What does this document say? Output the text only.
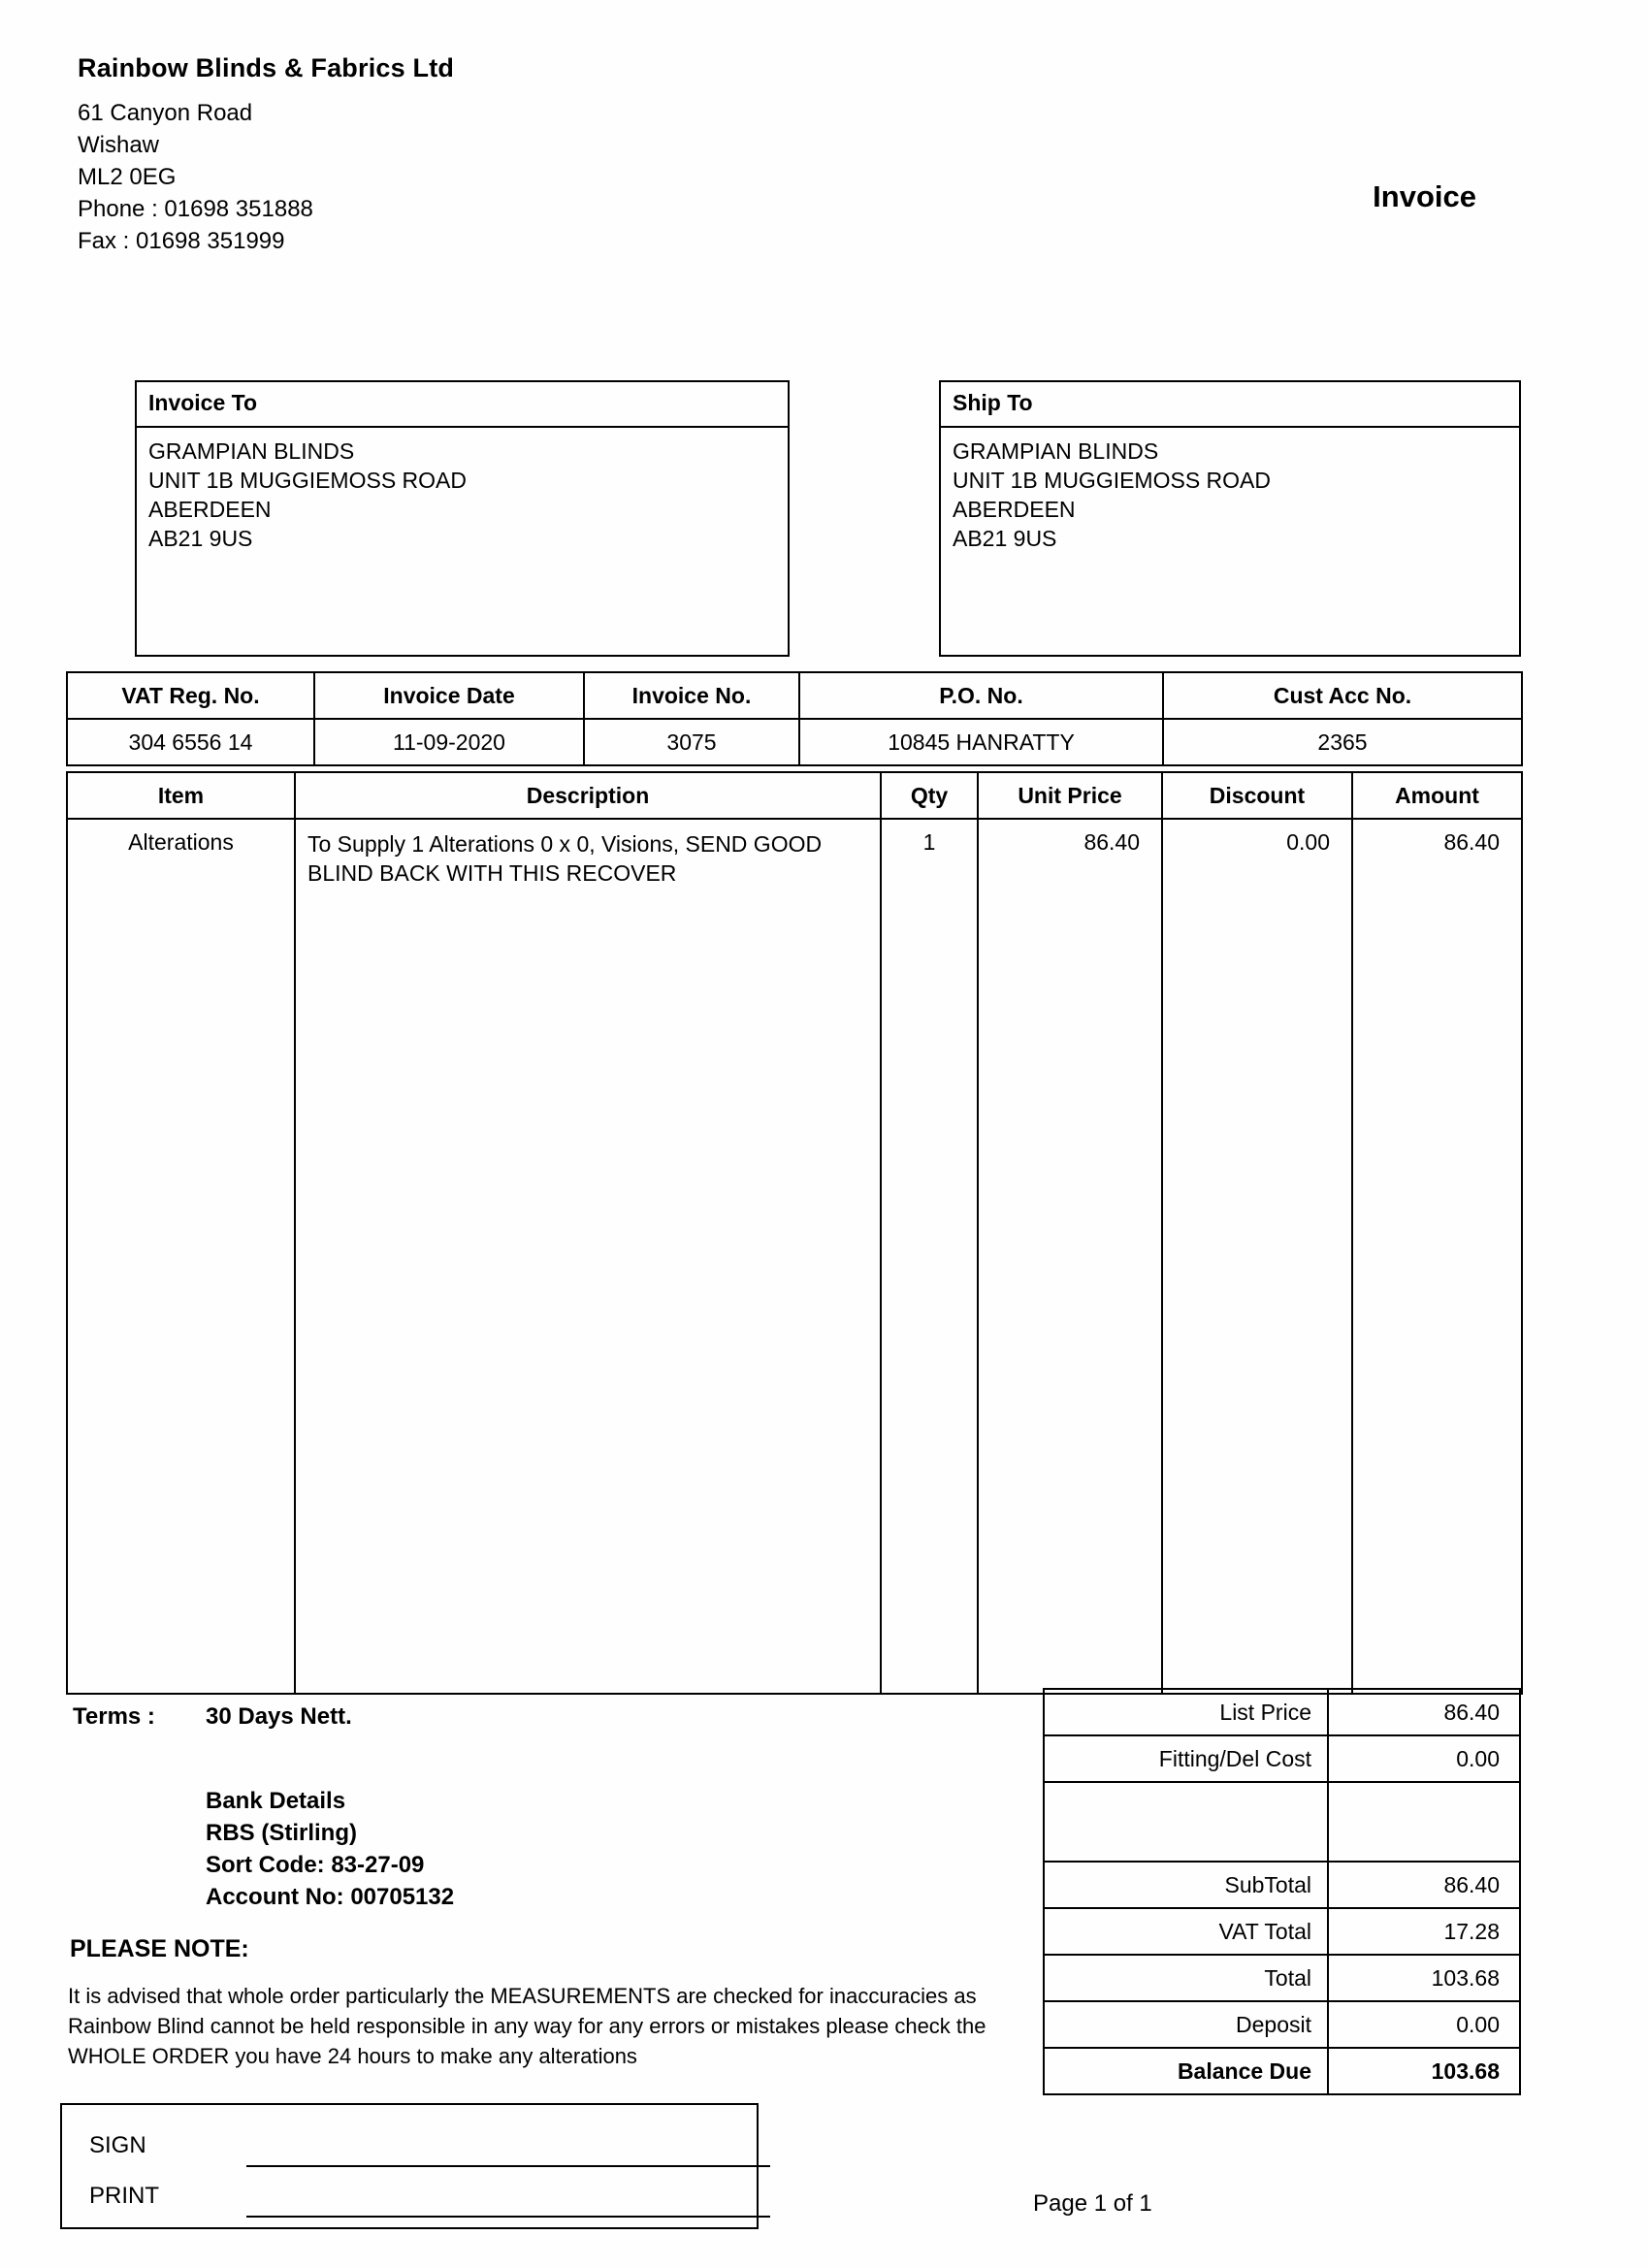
Rainbow Blinds & Fabrics Ltd
61 Canyon Road
Wishaw
ML2 0EG
Phone : 01698 351888
Fax : 01698 351999
Invoice
Invoice To
GRAMPIAN BLINDS
UNIT 1B MUGGIEMOSS ROAD
ABERDEEN
AB21 9US
Ship To
GRAMPIAN BLINDS
UNIT 1B MUGGIEMOSS ROAD
ABERDEEN
AB21 9US
VAT Reg. No.	Invoice Date	Invoice No.	P.O. No.	Cust Acc No.
304 6556 14	11-09-2020	3075	10845 HANRATTY	2365
Item	Description	Qty	Unit Price	Discount	Amount
Alterations	To Supply 1 Alterations 0 x 0, Visions, SEND GOOD BLIND BACK WITH THIS RECOVER	1	86.40	0.00	86.40
Terms : 30 Days Nett.
Bank Details
RBS (Stirling)
Sort Code: 83-27-09
Account No: 00705132
PLEASE NOTE:
It is advised that whole order particularly the MEASUREMENTS are checked for inaccuracies as Rainbow Blind cannot be held responsible in any way for any errors or mistakes please check the WHOLE ORDER you have 24 hours to make any alterations
SIGN
PRINT
List Price	86.40
Fitting/Del Cost	0.00

SubTotal	86.40
VAT Total	17.28
Total	103.68
Deposit	0.00
Balance Due	103.68
Page 1 of 1
